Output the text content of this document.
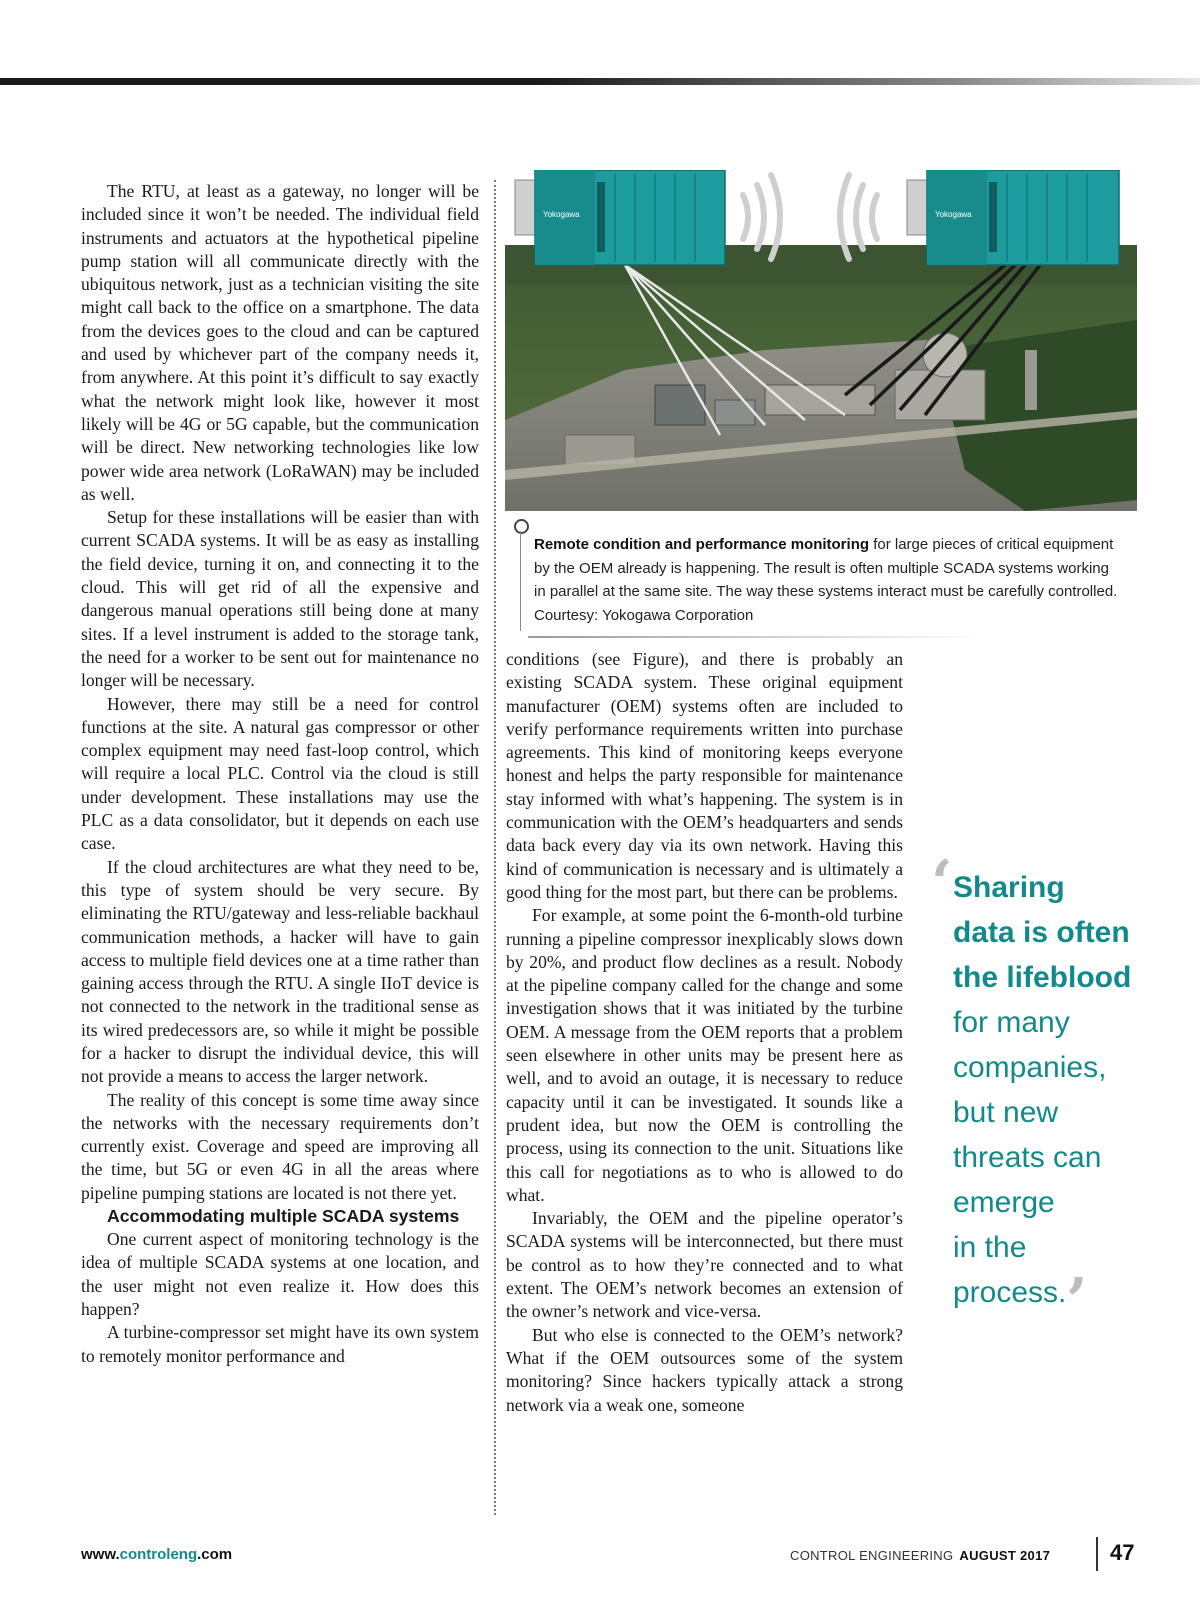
The RTU, at least as a gateway, no longer will be included since it won’t be needed. The individual field instruments and actuators at the hypothetical pipeline pump station will all communicate directly with the ubiquitous network, just as a technician visiting the site might call back to the office on a smartphone. The data from the devices goes to the cloud and can be captured and used by whichever part of the company needs it, from anywhere. At this point it’s difficult to say exactly what the network might look like, however it most likely will be 4G or 5G capable, but the communication will be direct. New networking technologies like low power wide area network (LoRaWAN) may be included as well.

Setup for these installations will be easier than with current SCADA systems. It will be as easy as installing the field device, turning it on, and connecting it to the cloud. This will get rid of all the expensive and dangerous manual operations still being done at many sites. If a level instrument is added to the storage tank, the need for a worker to be sent out for maintenance no longer will be necessary.

However, there may still be a need for control functions at the site. A natural gas compressor or other complex equipment may need fast-loop control, which will require a local PLC. Control via the cloud is still under development. These installations may use the PLC as a data consolidator, but it depends on each use case.

If the cloud architectures are what they need to be, this type of system should be very secure. By eliminating the RTU/gateway and less-reliable backhaul communication methods, a hacker will have to gain access to multiple field devices one at a time rather than gaining access through the RTU. A single IIoT device is not connected to the network in the traditional sense as its wired predecessors are, so while it might be possible for a hacker to disrupt the individual device, this will not provide a means to access the larger network.

The reality of this concept is some time away since the networks with the necessary requirements don’t currently exist. Coverage and speed are improving all the time, but 5G or even 4G in all the areas where pipeline pumping stations are located is not there yet.

Accommodating multiple SCADA systems

One current aspect of monitoring technology is the idea of multiple SCADA systems at one location, and the user might not even realize it. How does this happen?

A turbine-compressor set might have its own system to remotely monitor performance and

Yokogawa	Yokogawa
Remote condition and performance monitoring for large pieces of critical equipment by the OEM already is happening. The result is often multiple SCADA systems working in parallel at the same site. The way these systems interact must be carefully controlled. Courtesy: Yokogawa Corporation

conditions (see Figure), and there is probably an existing SCADA system. These original equipment manufacturer (OEM) systems often are included to verify performance requirements written into purchase agreements. This kind of monitoring keeps everyone honest and helps the party responsible for maintenance stay informed with what’s happening. The system is in communication with the OEM’s headquarters and sends data back every day via its own network. Having this kind of communication is necessary and is ultimately a good thing for the most part, but there can be problems.

For example, at some point the 6-month-old turbine running a pipeline compressor inexplicably slows down by 20%, and product flow declines as a result. Nobody at the pipeline company called for the change and some investigation shows that it was initiated by the turbine OEM. A message from the OEM reports that a problem seen elsewhere in other units may be present here as well, and to avoid an outage, it is necessary to reduce capacity until it can be investigated. It sounds like a prudent idea, but now the OEM is controlling the process, using its connection to the unit. Situations like this call for negotiations as to who is allowed to do what.

Invariably, the OEM and the pipeline operator’s SCADA systems will be interconnected, but there must be control as to how they’re connected and to what extent. The OEM’s network becomes an extension of the owner’s network and vice-versa.

But who else is connected to the OEM’s network? What if the OEM outsources some of the system monitoring? Since hackers typically attack a strong network via a weak one, someone

‘ Sharing
data is often
the lifeblood
for many
companies,
but new
threats can
emerge
in the
process. ’
www.controleng.com	CONTROL ENGINEERING AUGUST 2017	47
